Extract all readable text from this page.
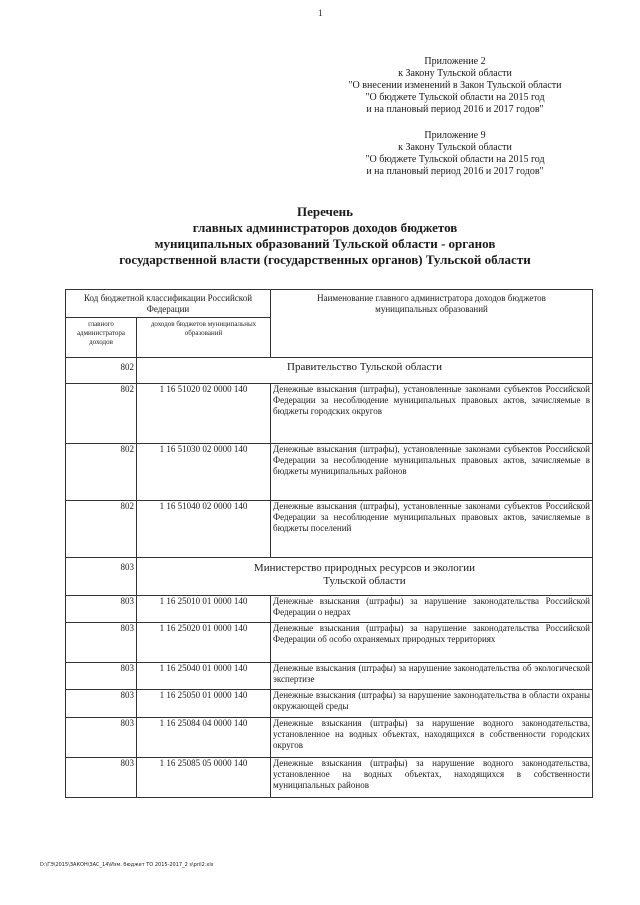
1
Приложение 2
к Закону Тульской области
"О внесении изменений в Закон Тульской области
"О бюджете Тульской области на 2015 год
и на плановый период 2016 и 2017 годов"
Приложение 9
к Закону Тульской области
"О бюджете Тульской области на 2015 год
и на плановый период 2016 и 2017 годов"
Перечень
главных администраторов доходов бюджетов
муниципальных образований Тульской области - органов
государственной власти (государственных органов) Тульской области
Код бюджетной классификации Российской Федерации		Наименование главного администратора доходов бюджетов муниципальных образований
главного администратора доходов	доходов бюджетов муниципальных образований	
802	Правительство Тульской области	
802	1 16 51020 02 0000 140	Денежные взыскания (штрафы), установленные законами субъектов Российской Федерации за несоблюдение муниципальных правовых актов, зачисляемые в бюджеты городских округов
802	1 16 51030 02 0000 140	Денежные взыскания (штрафы), установленные законами субъектов Российской Федерации за несоблюдение муниципальных правовых актов, зачисляемые в бюджеты муниципальных районов
802	1 16 51040 02 0000 140	Денежные взыскания (штрафы), установленные законами субъектов Российской Федерации за несоблюдение муниципальных правовых актов, зачисляемые в бюджеты поселений
803	Министерство природных ресурсов и экологии
Тульской области	

803	1 16 25010 01 0000 140	Денежные взыскания (штрафы) за нарушение законодательства Российской Федерации о недрах
803	1 16 25020 01 0000 140	Денежные взыскания (штрафы) за нарушение законодательства Российской Федерации об особо охраняемых природных территориях
803	1 16 25040 01 0000 140	Денежные взыскания (штрафы) за нарушение законодательства об экологической экспертизе
803	1 16 25050 01 0000 140	Денежные взыскания (штрафы) за нарушение законодательства в области охраны окружающей среды
803	1 16 25084 04 0000 140	Денежные взыскания (штрафы) за нарушение водного законодательства, установленное на водных объектах, находящихся в собственности городских округов
803	1 16 25085 05 0000 140	Денежные взыскания (штрафы) за нарушение водного законодательства, установленное на водных объектах, находящихся в собственности муниципальных районов
D:\ГЭ\2015\ЗАКОН\ЗАС_14\Изм. бюджет ТО 2015-2017_2 s\pril2.xls
